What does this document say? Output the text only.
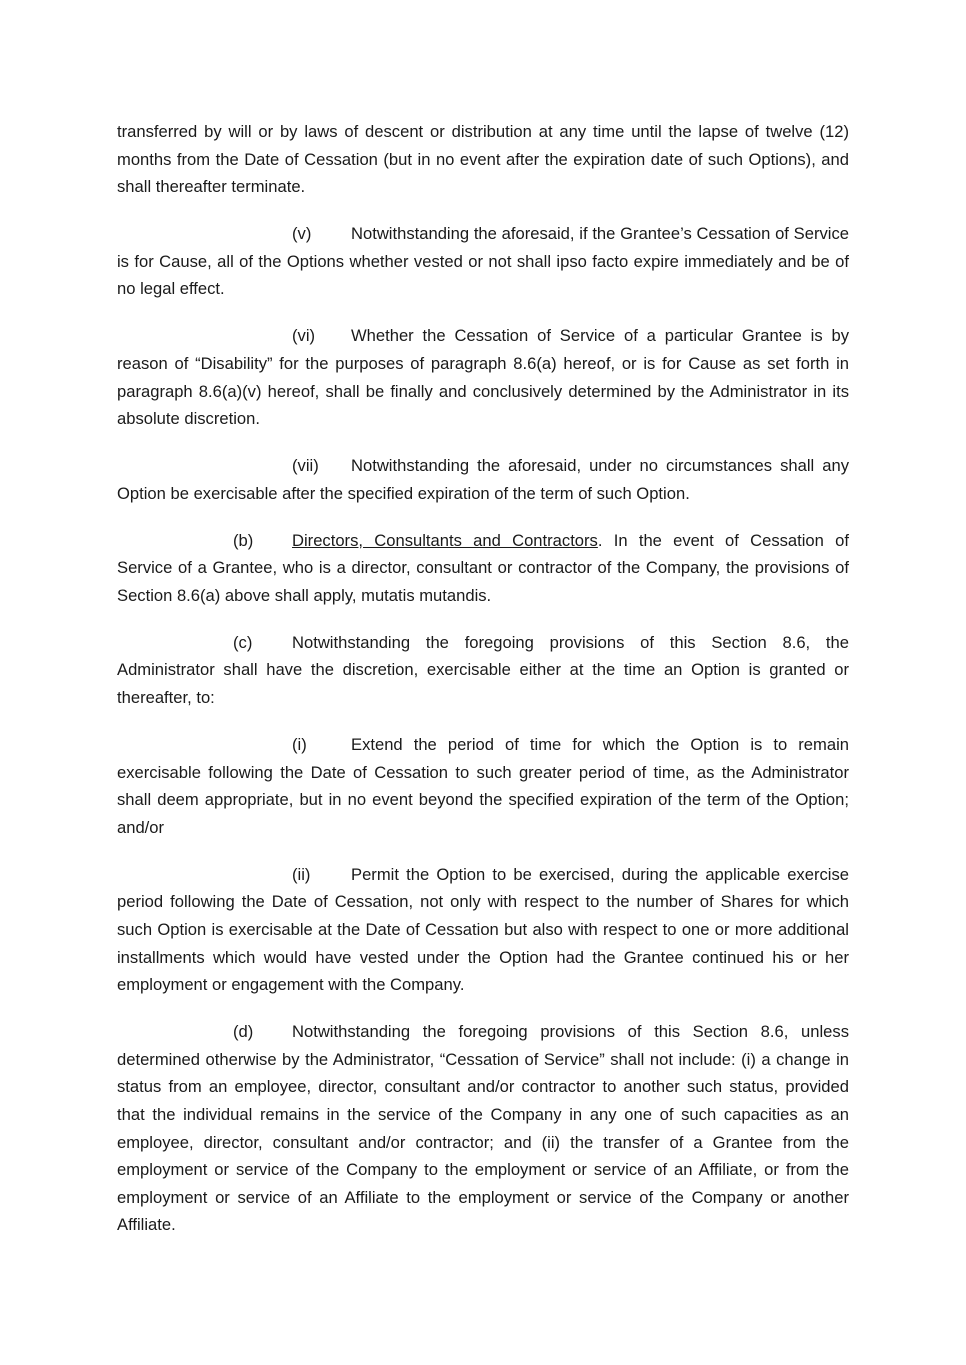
transferred by will or by laws of descent or distribution at any time until the lapse of twelve (12) months from the Date of Cessation (but in no event after the expiration date of such Options), and shall thereafter terminate.

(v) Notwithstanding the aforesaid, if the Grantee’s Cessation of Service is for Cause, all of the Options whether vested or not shall ipso facto expire immediately and be of no legal effect.

(vi) Whether the Cessation of Service of a particular Grantee is by reason of “Disability” for the purposes of paragraph 8.6(a) hereof, or is for Cause as set forth in paragraph 8.6(a)(v) hereof, shall be finally and conclusively determined by the Administrator in its absolute discretion.

(vii) Notwithstanding the aforesaid, under no circumstances shall any Option be exercisable after the specified expiration of the term of such Option.

(b) Directors, Consultants and Contractors. In the event of Cessation of Service of a Grantee, who is a director, consultant or contractor of the Company, the provisions of Section 8.6(a) above shall apply, mutatis mutandis.

(c) Notwithstanding the foregoing provisions of this Section 8.6, the Administrator shall have the discretion, exercisable either at the time an Option is granted or thereafter, to:

(i)	Extend the period of time for which the Option is to remain exercisable following the Date of Cessation to such greater period of time, as the Administrator shall deem appropriate, but in no event beyond the specified expiration of the term of the Option; and/or

(ii) Permit the Option to be exercised, during the applicable exercise period following the Date of Cessation, not only with respect to the number of Shares for which such Option is exercisable at the Date of Cessation but also with respect to one or more additional installments which would have vested under the Option had the Grantee continued his or her employment or engagement with the Company.

(d) Notwithstanding the foregoing provisions of this Section 8.6, unless determined otherwise by the Administrator, “Cessation of Service” shall not include: (i) a change in status from an employee, director, consultant and/or contractor to another such status, provided that the individual remains in the service of the Company in any one of such capacities as an employee, director, consultant and/or contractor; and (ii) the transfer of a Grantee from the employment or service of the Company to the employment or service of an Affiliate, or from the employment or service of an Affiliate to the employment or service of the Company or another Affiliate.
